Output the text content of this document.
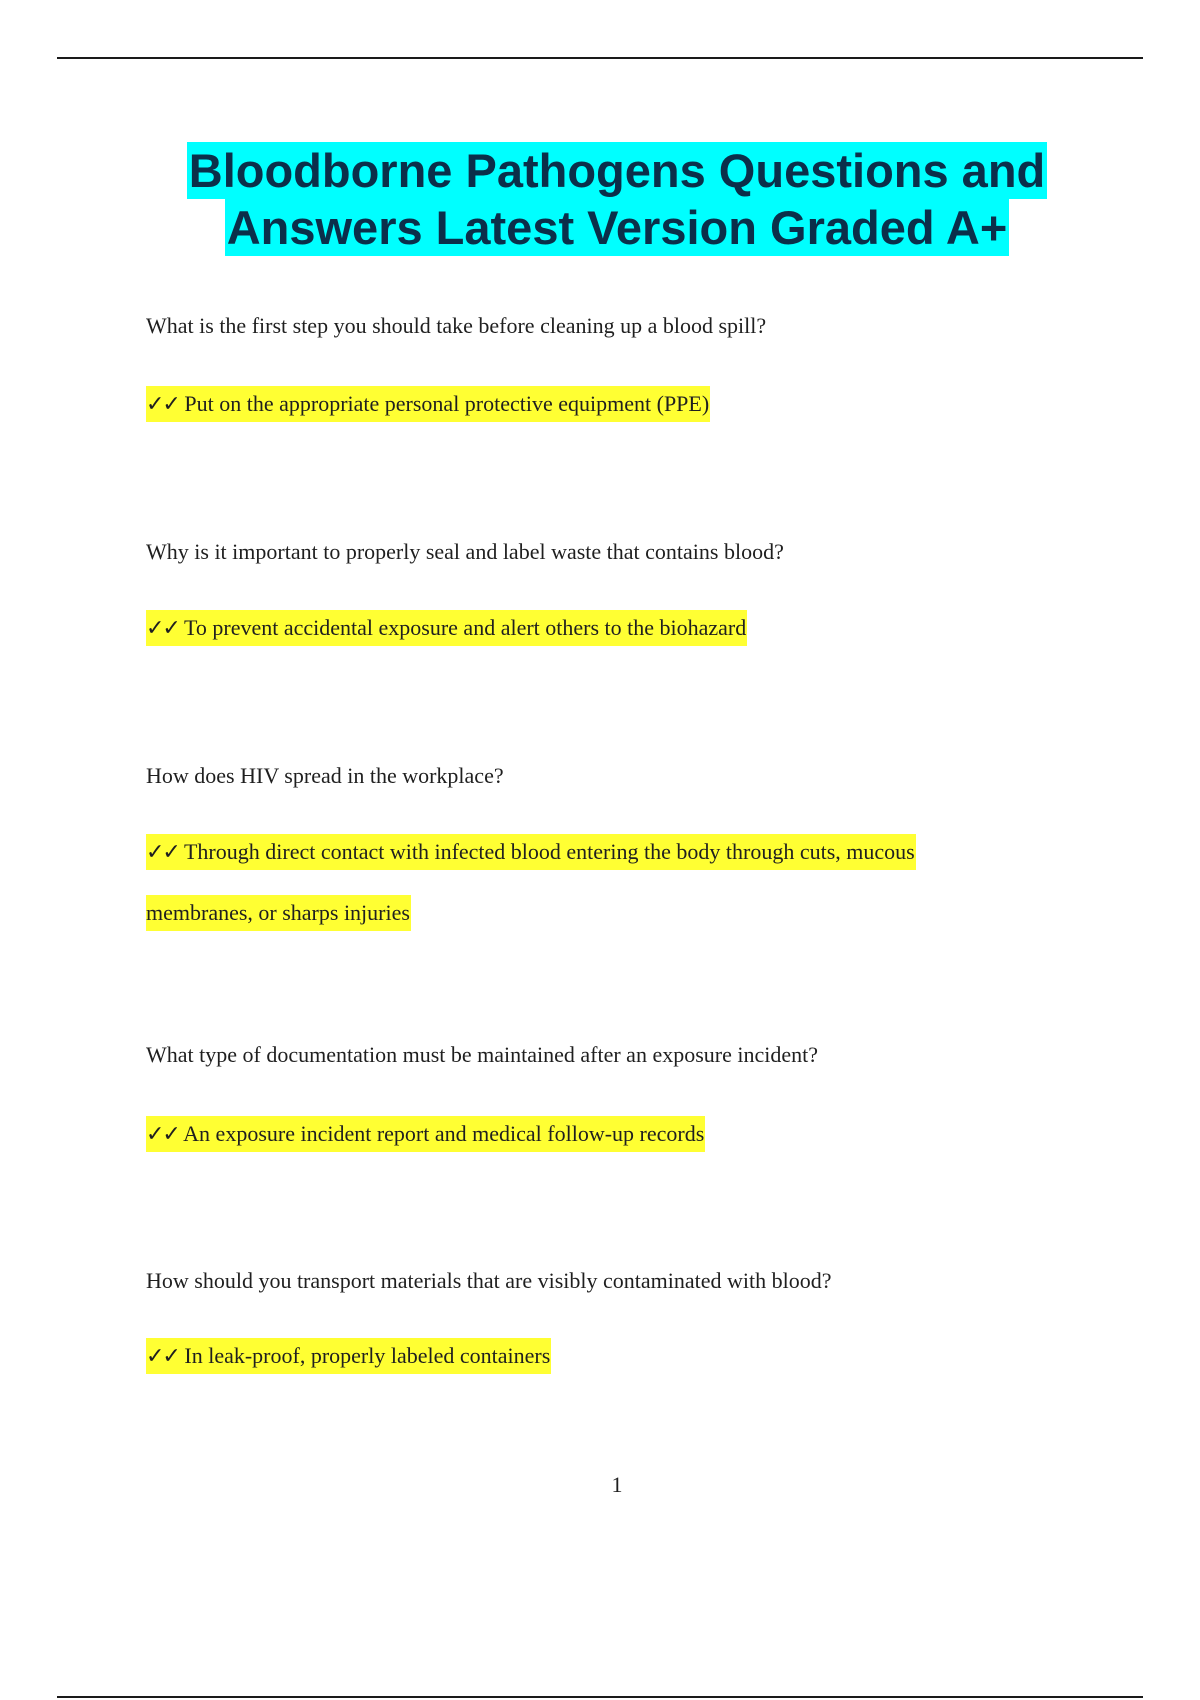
Bloodborne Pathogens Questions and
Answers Latest Version Graded A+
What is the first step you should take before cleaning up a blood spill?
✓✓ Put on the appropriate personal protective equipment (PPE)
Why is it important to properly seal and label waste that contains blood?
✓✓ To prevent accidental exposure and alert others to the biohazard
How does HIV spread in the workplace?
✓✓ Through direct contact with infected blood entering the body through cuts, mucous
membranes, or sharps injuries
What type of documentation must be maintained after an exposure incident?
✓✓ An exposure incident report and medical follow-up records
How should you transport materials that are visibly contaminated with blood?
✓✓ In leak-proof, properly labeled containers
1
